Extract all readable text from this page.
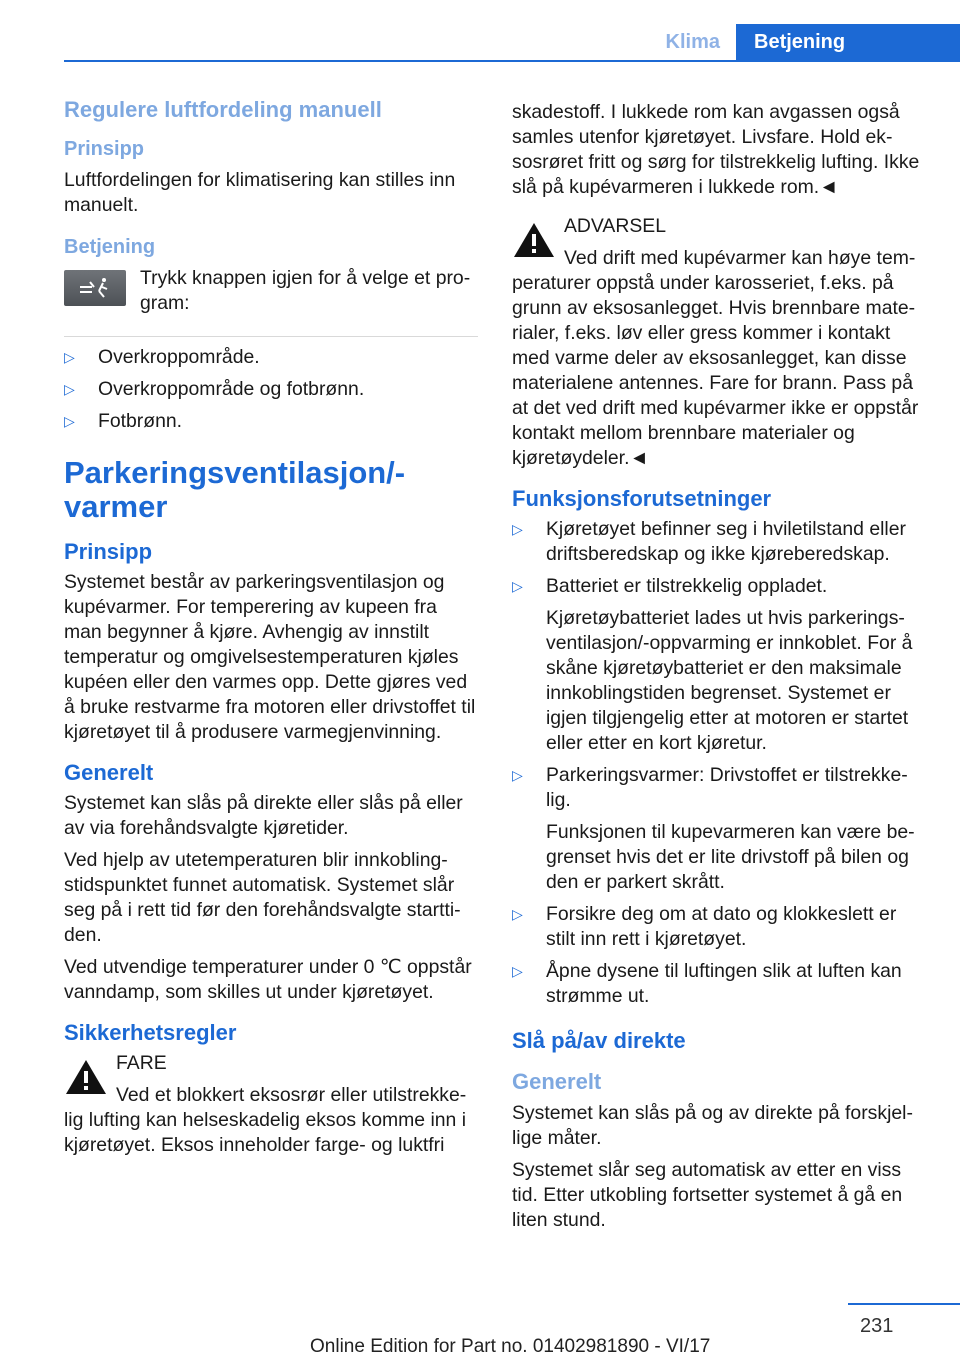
Klima	Betjening
Regulere luftfordeling manuell
Prinsipp

Luftfordelingen for klimatisering kan stilles inn manuelt.

Betjening
Trykk knappen igjen for å velge et program:
▷ Overkroppområde.
▷ Overkroppområde og fotbrønn.
▷ Fotbrønn.
Parkeringsventilasjon/-varmer
Prinsipp

Systemet består av parkeringsventilasjon og kupévarmer. For temperering av kupeen fra man begynner å kjøre. Avhengig av innstilt temperatur og omgivelsestemperaturen kjøles kupéen eller den varmes opp. Dette gjøres ved å bruke restvarme fra motoren eller drivstoffet til kjøretøyet til å produsere varmegjenvinning.

Generelt

Systemet kan slås på direkte eller slås på eller av via forehåndsvalgte kjøretider.

Ved hjelp av utetemperaturen blir innkoblingstidspunktet funnet automatisk. Systemet slår seg på i rett tid før den forehåndsvalgte starttiden.

Ved utvendige temperaturer under 0 ℃ oppstår vanndamp, som skilles ut under kjøretøyet.

Sikkerhetsregler

FARE

Ved et blokkert eksosrør eller utilstrekkelig lufting kan helseskadelig eksos komme inn i kjøretøyet. Eksos inneholder farge- og luktfri

skadestoff. I lukkede rom kan avgassen også samles utenfor kjøretøyet. Livsfare. Hold eksosrøret fritt og sørg for tilstrekkelig lufting. Ikke slå på kupévarmeren i lukkede rom.◄

ADVARSEL

Ved drift med kupévarmer kan høye temperaturer oppstå under karosseriet, f.eks. på grunn av eksosanlegget. Hvis brennbare materialer, f.eks. løv eller gress kommer i kontakt med varme deler av eksosanlegget, kan disse materialene antennes. Fare for brann. Pass på at det ved drift med kupévarmer ikke er oppstår kontakt mellom brennbare materialer og kjøretøydeler.◄

Funksjonsforutsetninger
▷ Kjøretøyet befinner seg i hviletilstand eller driftsberedskap og ikke kjørеberedskap.
▷ Batteriet er tilstrekkelig oppladet.

Kjøretøybatteriet lades ut hvis parkeringsventilasjon/-oppvarming er innkoblet. For å skåne kjøretøybatteriet er den maksimale innkoblingstiden begrenset. Systemet er igjen tilgjengelig etter at motoren er startet eller etter en kort kjøretur.

▷ Parkeringsvarmer: Drivstoffet er tilstrekkelig.

Funksjonen til kupevarmeren kan være begrenset hvis det er lite drivstoff på bilen og den er parkert skrått.

▷ Forsikre deg om at dato og klokkeslett er stilt inn rett i kjøretøyet.
▷ Åpne dysene til luftingen slik at luften kan strømme ut.
Slå på/av direkte
Generelt

Systemet kan slås på og av direkte på forskjellige måter.

Systemet slår seg automatisk av etter en viss tid. Etter utkobling fortsetter systemet å gå en liten stund.

231
Online Edition for Part no. 01402981890 - VI/17
